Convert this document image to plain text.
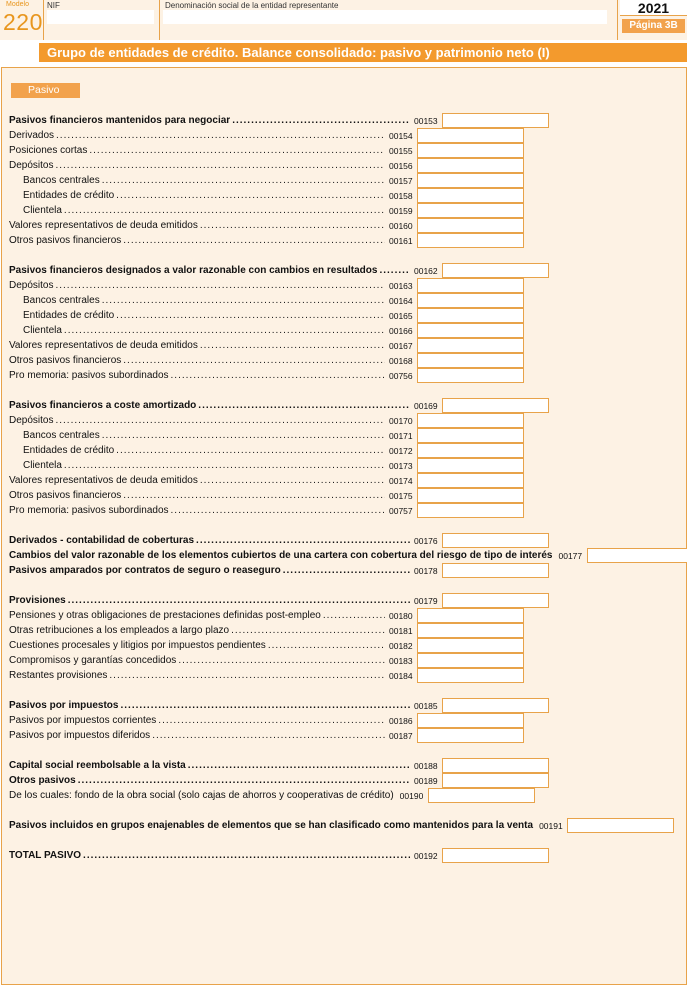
Modelo
220
NIF	Denominación social de la entidad representante	2021
Página 3B
Grupo de entidades de crédito. Balance consolidado: pasivo y patrimonio neto (I)
Pasivo
Pasivos financieros mantenidos para negociar .....	00153
Derivados .....	00154
Posiciones cortas .....	00155
Depósitos .....	00156
Bancos centrales .....	00157
Entidades de crédito .....	00158
Clientela .....	00159
Valores representativos de deuda emitidos .....	00160
Otros pasivos financieros .....	00161
Pasivos financieros designados a valor razonable con cambios en resultados .....	00162
Depósitos .....	00163
Bancos centrales .....	00164
Entidades de crédito .....	00165
Clientela .....	00166
Valores representativos de deuda emitidos .....	00167
Otros pasivos financieros .....	00168
Pro memoria: pasivos subordinados .....	00756
Pasivos financieros a coste amortizado .....	00169
Depósitos .....	00170
Bancos centrales .....	00171
Entidades de crédito .....	00172
Clientela .....	00173
Valores representativos de deuda emitidos .....	00174
Otros pasivos financieros .....	00175
Pro memoria: pasivos subordinados .....	00757
Derivados - contabilidad de coberturas .....	00176
Cambios del valor razonable de los elementos cubiertos de una cartera con cobertura del riesgo de tipo de interés 00177
Pasivos amparados por contratos de seguro o reaseguro .....	00178
Provisiones .....	00179
Pensiones y otras obligaciones de prestaciones definidas post-empleo .....	00180
Otras retribuciones a los empleados a largo plazo .....	00181
Cuestiones procesales y litigios por impuestos pendientes .....	00182
Compromisos y garantías concedidos .....	00183
Restantes provisiones .....	00184
Pasivos por impuestos .....	00185
Pasivos por impuestos corrientes .....	00186
Pasivos por impuestos diferidos .....	00187
Capital social reembolsable a la vista .....	00188
Otros pasivos .....	00189
De los cuales: fondo de la obra social (solo cajas de ahorros y cooperativas de crédito) 00190
Pasivos incluidos en grupos enajenables de elementos que se han clasificado como mantenidos para la venta 00191
TOTAL PASIVO .....	00192
